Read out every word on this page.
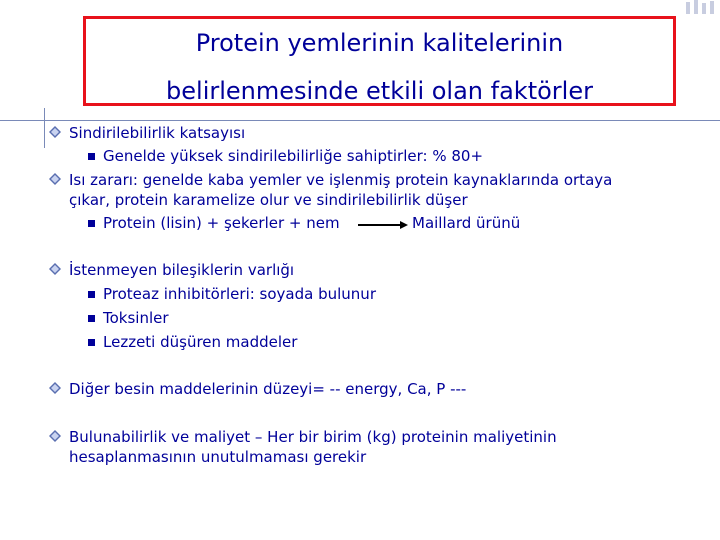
Protein yemlerinin kalitelerinin
belirlenmesinde etkili olan faktörler
Sindirilebilirlik katsayısı
Genelde yüksek sindirilebilirliğe sahiptirler: % 80+
Isı zararı: genelde kaba yemler ve işlenmiş protein kaynaklarında ortaya
çıkar, protein karamelize olur ve sindirilebilirlik düşer
Protein (lisin) + şekerler + nem	Maillard ürünü
İstenmeyen bileşiklerin varlığı
Proteaz inhibitörleri: soyada bulunur
Toksinler
Lezzeti düşüren maddeler
Diğer besin maddelerinin düzeyi= -- energy, Ca, P ---
Bulunabilirlik ve maliyet – Her bir birim (kg) proteinin maliyetinin
hesaplanmasının unutulmaması gerekir
